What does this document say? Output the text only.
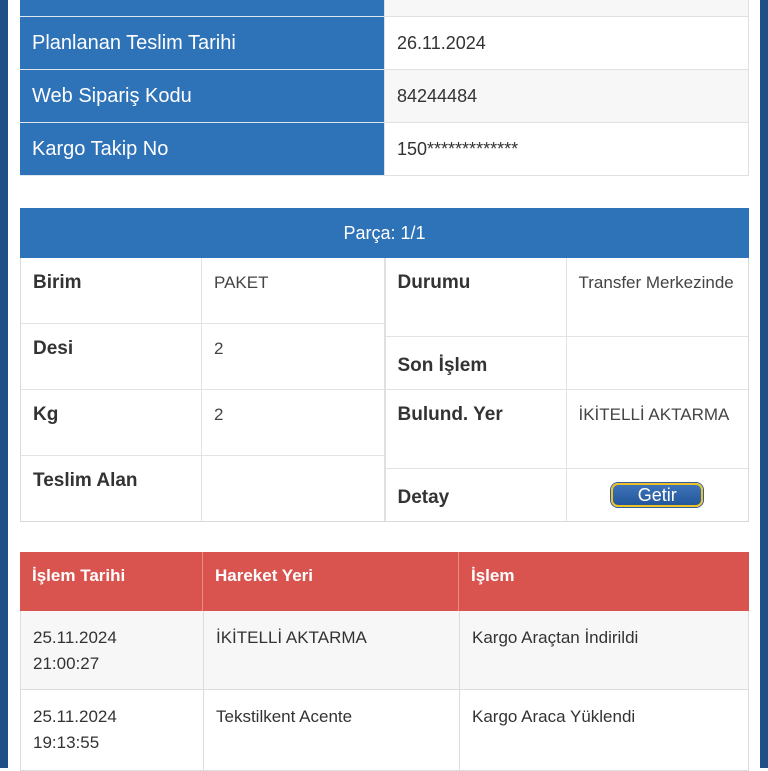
Planlanan Teslim Tarihi	26.11.2024
Web Sipariş Kodu	84244484
Kargo Takip No	150*************
Parça: 1/1
Birim	PAKET
Desi	2
Kg	2
Teslim Alan
Durumu	Transfer Merkezinde
Son İşlem
Bulund. Yer	İKİTELLİ AKTARMA
Detay	Getir
İşlem Tarihi	Hareket Yeri	İşlem
25.11.2024
21:00:27
İKİTELLİ AKTARMA	Kargo Araçtan İndirildi
25.11.2024
19:13:55
Tekstilkent Acente	Kargo Araca Yüklendi
